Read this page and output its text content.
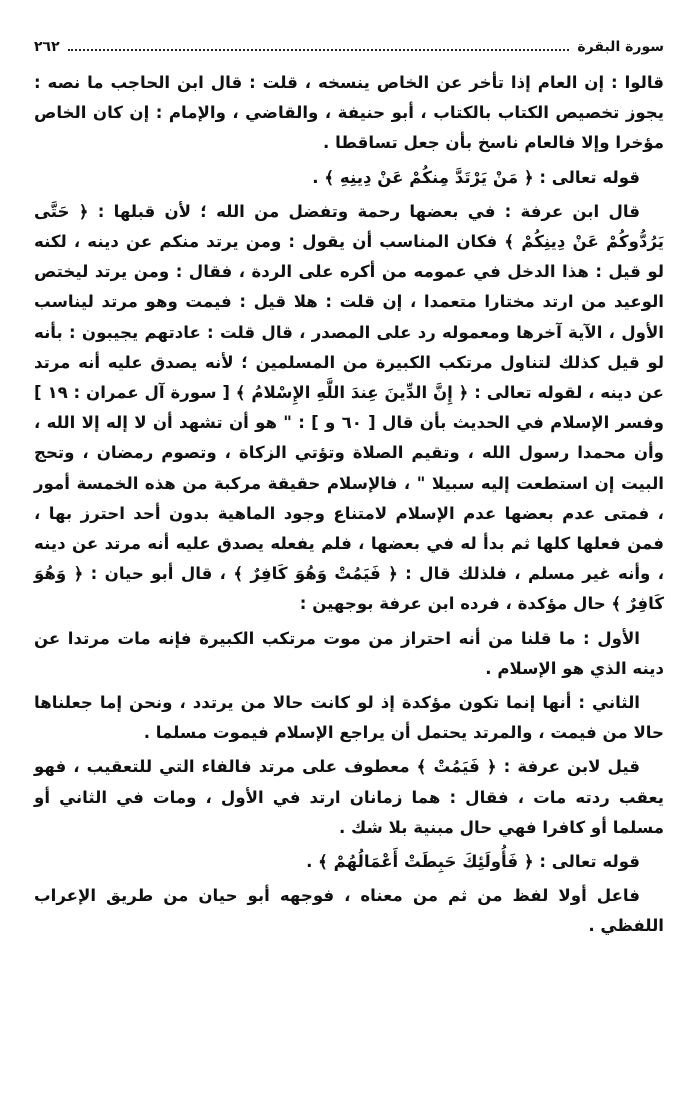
سورة البقرة
٢٦٢

قالوا : إن العام إذا تأخر عن الخاص ينسخه ، قلت : قال ابن الحاجب ما نصه : يجوز تخصيص الكتاب بالكتاب ، أبو حنيفة ، والقاضي ، والإمام : إن كان الخاص مؤخرا وإلا فالعام ناسخ بأن جعل تساقطا .

قوله تعالى : ﴿ مَنْ يَرْتَدَّ مِنكُمْ عَنْ دِينِهِ ﴾ .

قال ابن عرفة : في بعضها رحمة وتفضل من الله ؛ لأن قبلها : ﴿ حَتَّى يَرُدُّوكُمْ عَنْ دِينِكُمْ ﴾ فكان المناسب أن يقول : ومن يرتد منكم عن دينه ، لكنه لو قيل : هذا الدخل في عمومه من أكره على الردة ، فقال : ومن يرتد ليختص الوعيد من ارتد مختارا متعمدا ، إن قلت : هلا قيل : فيمت وهو مرتد ليناسب الأول ، الآية آخرها ومعموله رد على المصدر ، قال قلت : عادتهم يجيبون : بأنه لو قيل كذلك لتناول مرتكب الكبيرة من المسلمين ؛ لأنه يصدق عليه أنه مرتد عن دينه ، لقوله تعالى : ﴿ إِنَّ الدِّينَ عِندَ اللَّهِ الإِسْلامُ ﴾ [ سورة آل عمران : ١٩ ] وفسر الإسلام في الحديث بأن قال [ ٦٠ و ] : " هو أن تشهد أن لا إله إلا الله ، وأن محمدا رسول الله ، وتقيم الصلاة وتؤتي الزكاة ، وتصوم رمضان ، وتحج البيت إن استطعت إليه سبيلا " ، فالإسلام حقيقة مركبة من هذه الخمسة أمور ، فمتى عدم بعضها عدم الإسلام لامتناع وجود الماهية بدون أحد احترز بها ، فمن فعلها كلها ثم بدأ له في بعضها ، فلم يفعله يصدق عليه أنه مرتد عن دينه ، وأنه غير مسلم ، فلذلك قال : ﴿ فَيَمُتْ وَهُوَ كَافِرٌ ﴾ ، قال أبو حيان : ﴿ وَهُوَ كَافِرٌ ﴾ حال مؤكدة ، فرده ابن عرفة بوجهين :

الأول : ما قلنا من أنه احتراز من موت مرتكب الكبيرة فإنه مات مرتدا عن دينه الذي هو الإسلام .

الثاني : أنها إنما تكون مؤكدة إذ لو كانت حالا من يرتدد ، ونحن إما جعلناها حالا من فيمت ، والمرتد يحتمل أن يراجع الإسلام فيموت مسلما .

قيل لابن عرفة : ﴿ فَيَمُتْ ﴾ معطوف على مرتد فالفاء التي للتعقيب ، فهو يعقب ردته مات ، فقال : هما زمانان ارتد في الأول ، ومات في الثاني أو مسلما أو كافرا فهي حال مبنية بلا شك .

قوله تعالى : ﴿ فَأُولَئِكَ حَبِطَتْ أَعْمَالُهُمْ ﴾ .

فاعل أولا لفظ من ثم من معناه ، فوجهه أبو حيان من طريق الإعراب اللفظي .
